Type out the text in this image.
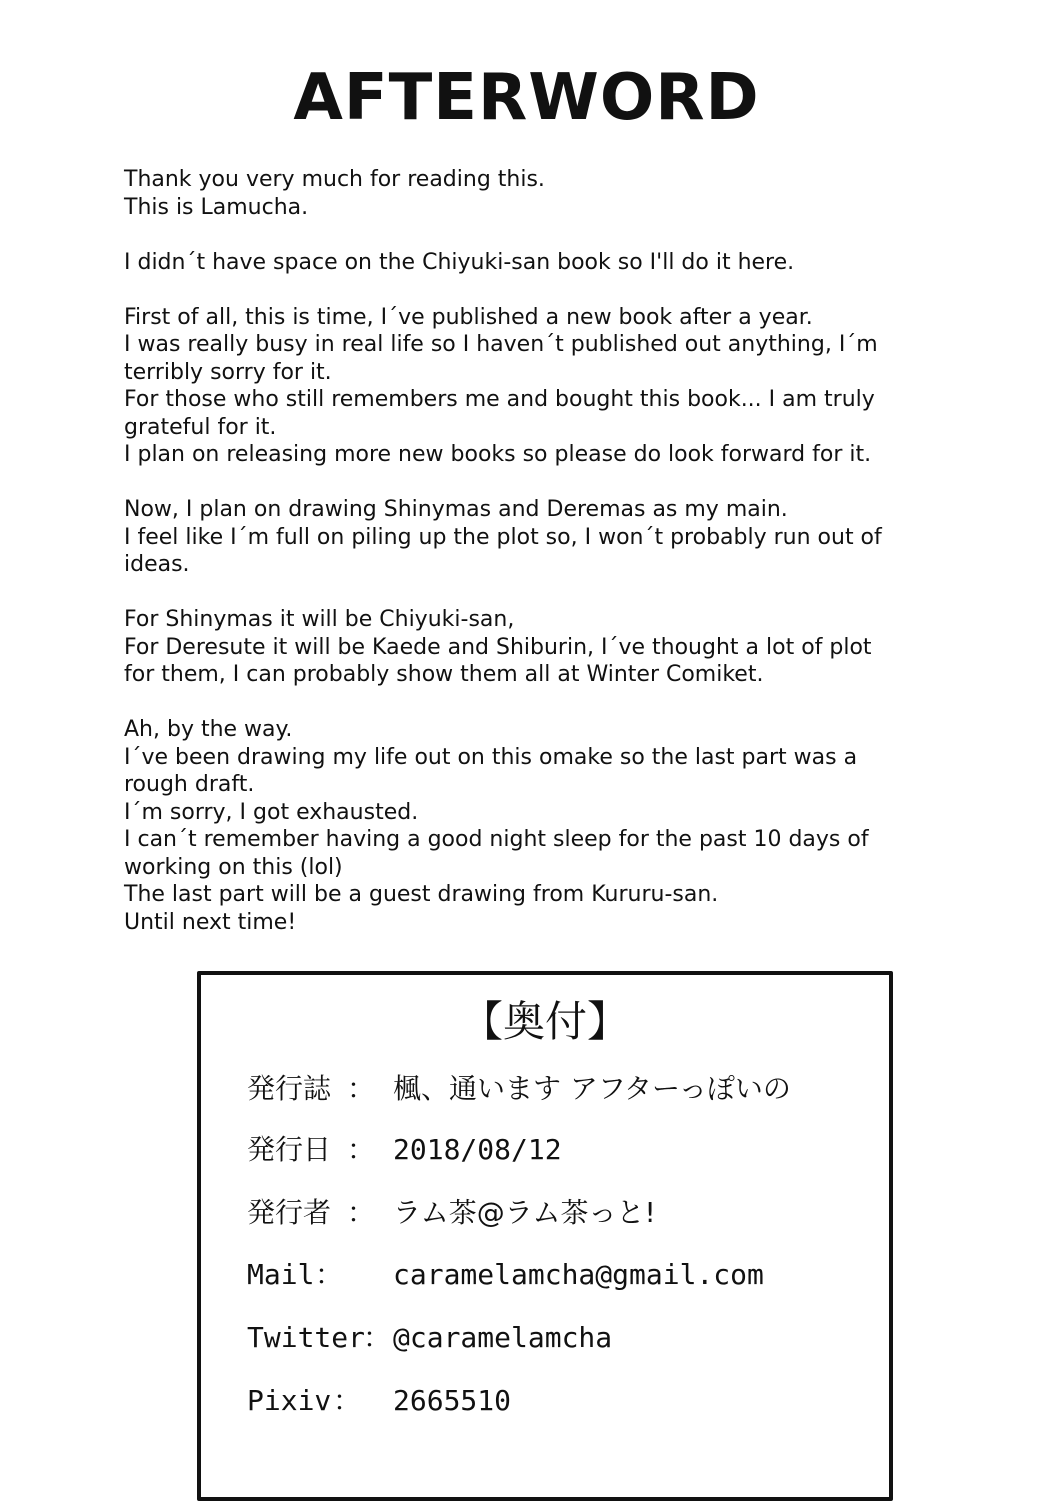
AFTERWORD
Thank you very much for reading this.
This is Lamucha.
I didn´t have space on the Chiyuki-san book so I'll do it here.
First of all, this is time, I´ve published a new book after a year.
I was really busy in real life so I haven´t published out anything, I´m
terribly sorry for it.
For those who still remembers me and bought this book... I am truly
grateful for it.
I plan on releasing more new books so please do look forward for it.
Now, I plan on drawing Shinymas and Deremas as my main.
I feel like I´m full on piling up the plot so, I won´t probably run out of
ideas.
For Shinymas it will be Chiyuki-san,
For Deresute it will be Kaede and Shiburin, I´ve thought a lot of plot
for them, I can probably show them all at Winter Comiket.
Ah, by the way.
I´ve been drawing my life out on this omake so the last part was a
rough draft.
I´m sorry, I got exhausted.
I can´t remember having a good night sleep for the past 10 days of
working on this (lol)
The last part will be a guest drawing from Kururu-san.
Until next time!
【奥付】
発行誌 ： 楓、通います アフターっぽいの
発行日 ： 2018/08/12
発行者 ： ラム茶@ラム茶っと!
Mail ： caramelamcha@gmail.com
Twitter
： @caramelamcha
Pixiv ： 2665510
